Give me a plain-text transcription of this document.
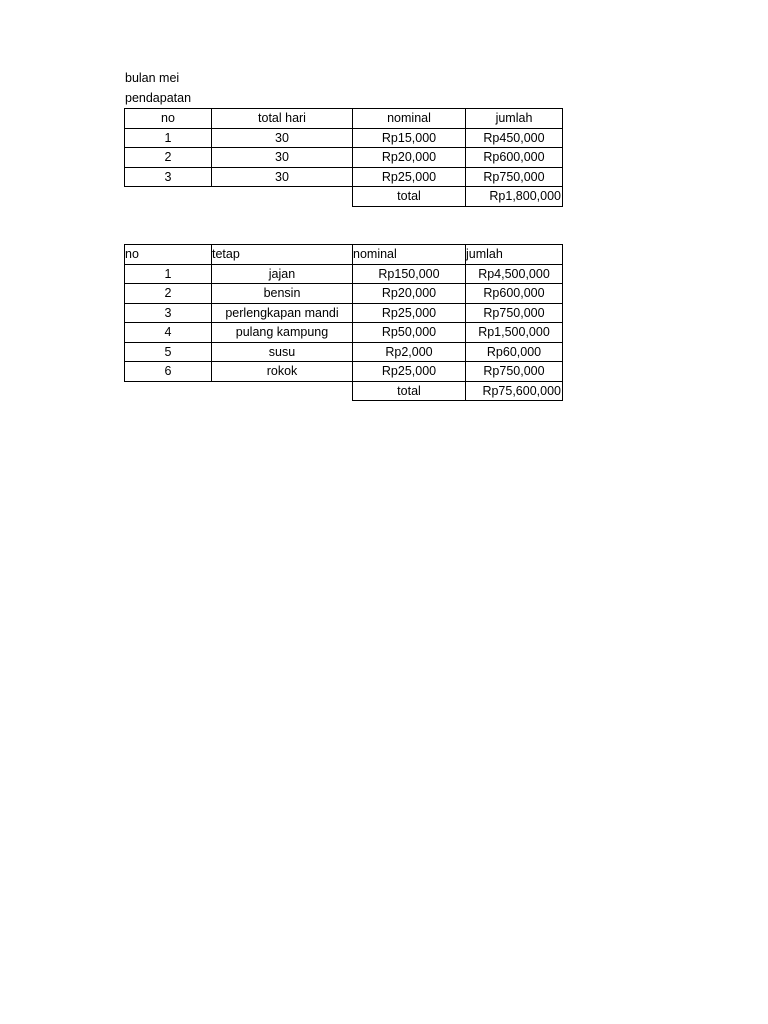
bulan mei
pendapatan
no	total hari	nominal	jumlah
1	30	Rp15,000	Rp450,000
2	30	Rp20,000	Rp600,000
3	30	Rp25,000	Rp750,000
		total	Rp1,800,000
no	tetap	nominal	jumlah
1	jajan	Rp150,000	Rp4,500,000
2	bensin	Rp20,000	Rp600,000
3	perlengkapan mandi	Rp25,000	Rp750,000
4	pulang kampung	Rp50,000	Rp1,500,000
5	susu	Rp2,000	Rp60,000
6	rokok	Rp25,000	Rp750,000
		total	Rp75,600,000
